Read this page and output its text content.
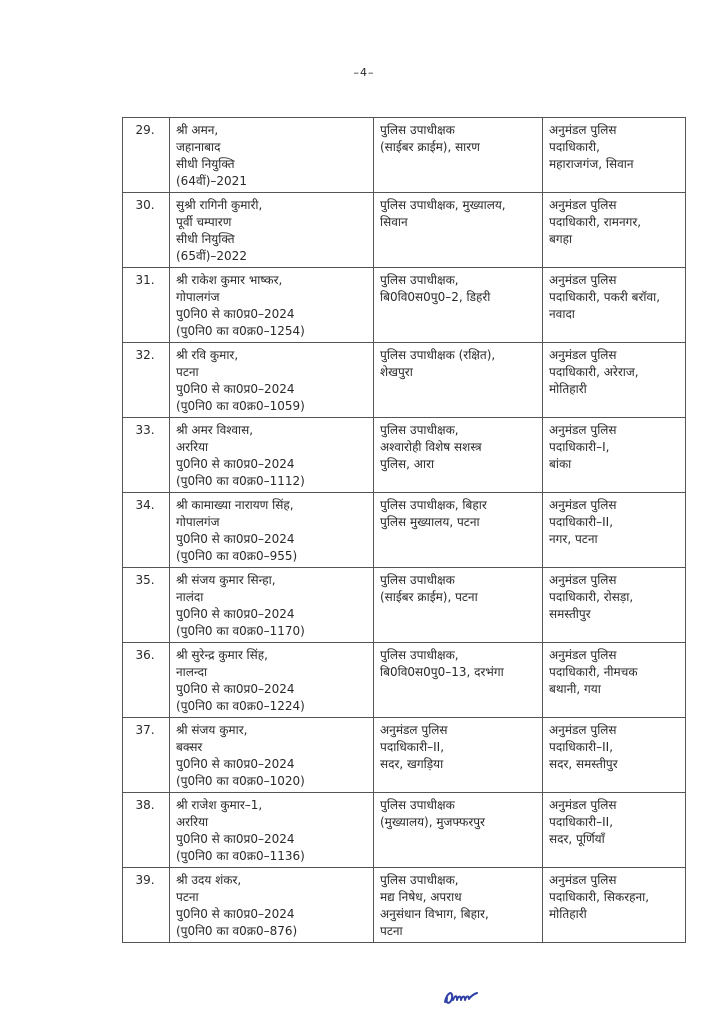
–4–
29.	श्री अमन,
जहानाबाद
सीधी नियुक्ति
(64वीं)–2021	पुलिस उपाधीक्षक
(साईबर क्राईम), सारण	अनुमंडल पुलिस
पदाधिकारी,
महाराजगंज, सिवान

30.	सुश्री रागिनी कुमारी,
पूर्वी चम्पारण
सीधी नियुक्ति
(65वीं)–2022	पुलिस उपाधीक्षक, मुख्यालय,
सिवान	अनुमंडल पुलिस
पदाधिकारी, रामनगर,
बगहा

31.	श्री राकेश कुमार भाष्कर,
गोपालगंज
पु0नि0 से का0प्र0–2024
(पु0नि0 का व0क्र0–1254)	पुलिस उपाधीक्षक,
बि0वि0स0पु0–2, डिहरी	अनुमंडल पुलिस
पदाधिकारी, पकरी बरॉवा,
नवादा

32.	श्री रवि कुमार,
पटना
पु0नि0 से का0प्र0–2024
(पु0नि0 का व0क्र0–1059)	पुलिस उपाधीक्षक (रक्षित),
शेखपुरा	अनुमंडल पुलिस
पदाधिकारी, अरेराज,
मोतिहारी

33.	श्री अमर विश्वास,
अररिया
पु0नि0 से का0प्र0–2024
(पु0नि0 का व0क्र0–1112)	पुलिस उपाधीक्षक,
अश्वारोही विशेष सशस्त्र
पुलिस, आरा	अनुमंडल पुलिस
पदाधिकारी–I,
बांका

34.	श्री कामाख्या नारायण सिंह,
गोपालगंज
पु0नि0 से का0प्र0–2024
(पु0नि0 का व0क्र0–955)	पुलिस उपाधीक्षक, बिहार
पुलिस मुख्यालय, पटना	अनुमंडल पुलिस
पदाधिकारी–II,
नगर, पटना

35.	श्री संजय कुमार सिन्हा,
नालंदा
पु0नि0 से का0प्र0–2024
(पु0नि0 का व0क्र0–1170)	पुलिस उपाधीक्षक
(साईबर क्राईम), पटना	अनुमंडल पुलिस
पदाधिकारी, रोसड़ा,
समस्तीपुर

36.	श्री सुरेन्द्र कुमार सिंह,
नालन्दा
पु0नि0 से का0प्र0–2024
(पु0नि0 का व0क्र0–1224)	पुलिस उपाधीक्षक,
बि0वि0स0पु0–13, दरभंगा	अनुमंडल पुलिस
पदाधिकारी, नीमचक
बथानी, गया

37.	श्री संजय कुमार,
बक्सर
पु0नि0 से का0प्र0–2024
(पु0नि0 का व0क्र0–1020)	अनुमंडल पुलिस
पदाधिकारी–II,
सदर, खगड़िया	अनुमंडल पुलिस
पदाधिकारी–II,
सदर, समस्तीपुर

38.	श्री राजेश कुमार–1,
अररिया
पु0नि0 से का0प्र0–2024
(पु0नि0 का व0क्र0–1136)	पुलिस उपाधीक्षक
(मुख्यालय), मुजफ्फरपुर	अनुमंडल पुलिस
पदाधिकारी–II,
सदर, पूर्णियाँ

39.	श्री उदय शंकर,
पटना
पु0नि0 से का0प्र0–2024
(पु0नि0 का व0क्र0–876)	पुलिस उपाधीक्षक,
मद्य निषेध, अपराध
अनुसंधान विभाग, बिहार,
पटना	अनुमंडल पुलिस
पदाधिकारी, सिकरहना,
मोतिहारी
